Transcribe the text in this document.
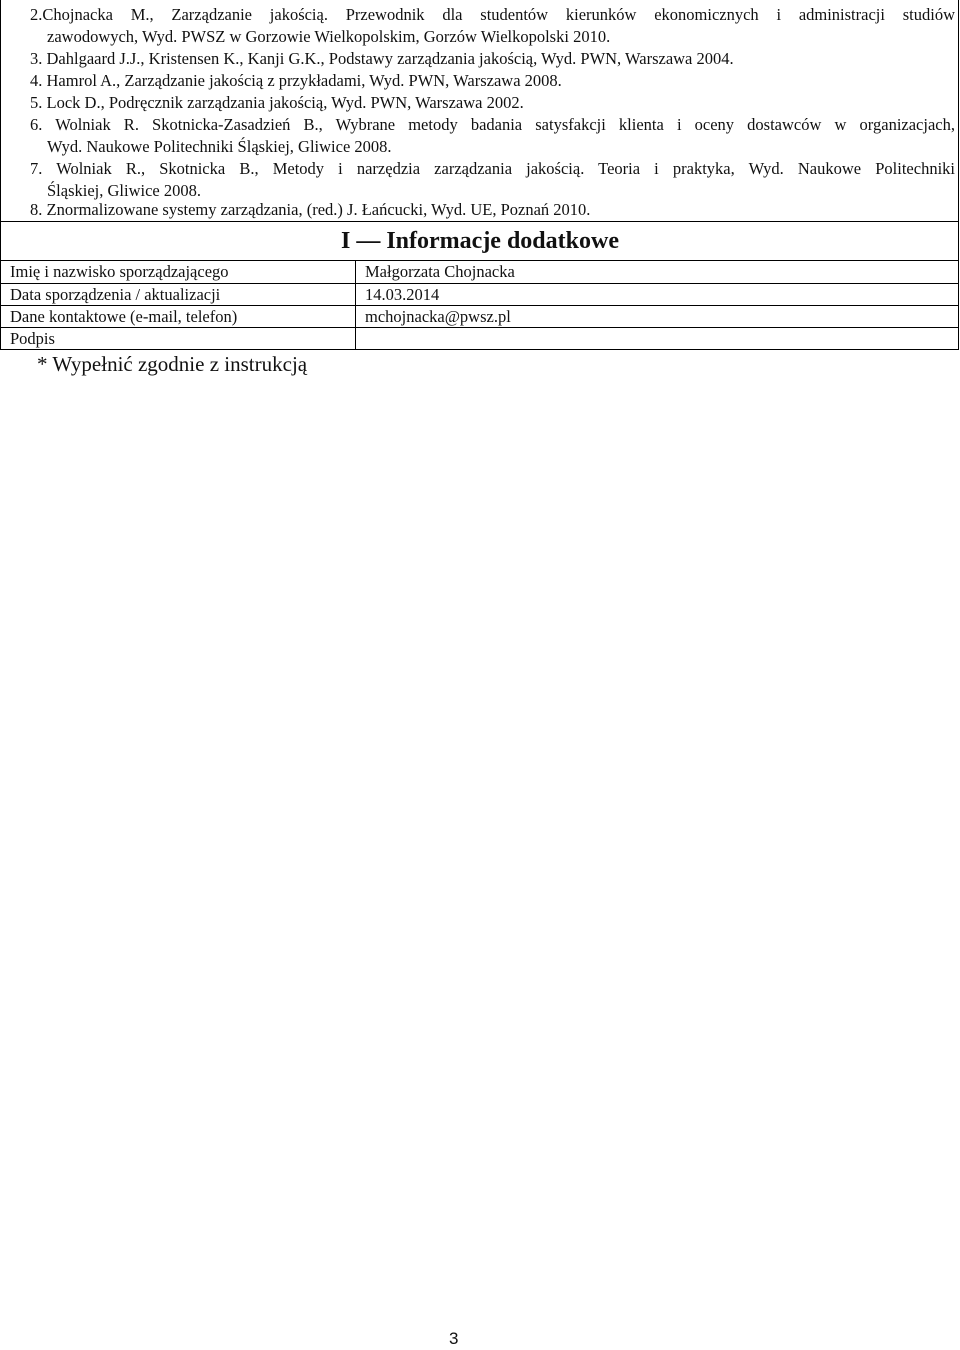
2.Chojnacka M., Zarządzanie jakością. Przewodnik dla studentów kierunków ekonomicznych i administracji studiów
zawodowych, Wyd. PWSZ w Gorzowie Wielkopolskim, Gorzów Wielkopolski 2010.
3. Dahlgaard J.J., Kristensen K., Kanji G.K., Podstawy zarządzania jakością, Wyd. PWN, Warszawa 2004.
4. Hamrol A., Zarządzanie jakością z przykładami, Wyd. PWN, Warszawa 2008.
5. Lock D., Podręcznik zarządzania jakością, Wyd. PWN, Warszawa 2002.
6. Wolniak R. Skotnicka-Zasadzień B., Wybrane metody badania satysfakcji klienta i oceny dostawców w organizacjach,
Wyd. Naukowe Politechniki Śląskiej, Gliwice 2008.
7. Wolniak R., Skotnicka B., Metody i narzędzia zarządzania jakością. Teoria i praktyka, Wyd. Naukowe Politechniki
Śląskiej, Gliwice 2008.
8. Znormalizowane systemy zarządzania, (red.) J. Łańcucki, Wyd. UE, Poznań 2010.
I — Informacje dodatkowe
Imię i nazwisko sporządzającego	Małgorzata Chojnacka
Data sporządzenia / aktualizacji	14.03.2014
Dane kontaktowe (e-mail, telefon)	mchojnacka@pwsz.pl
Podpis
* Wypełnić zgodnie z instrukcją
3
